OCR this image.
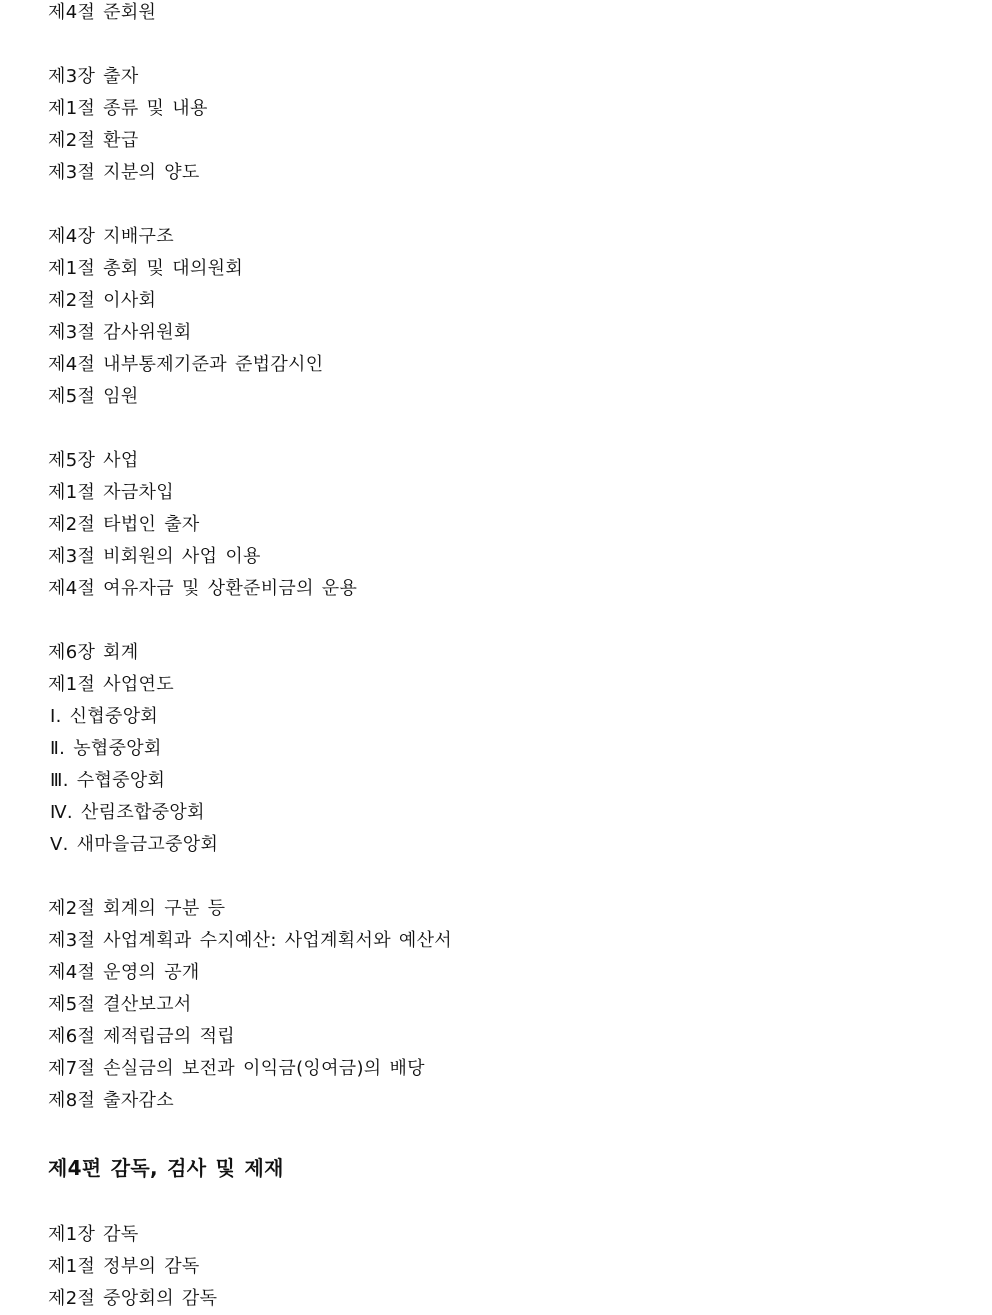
제4절 준회원
제3장 출자
제1절 종류 및 내용
제2절 환급
제3절 지분의 양도
제4장 지배구조
제1절 총회 및 대의원회
제2절 이사회
제3절 감사위원회
제4절 내부통제기준과 준법감시인
제5절 임원
제5장 사업
제1절 자금차입
제2절 타법인 출자
제3절 비회원의 사업 이용
제4절 여유자금 및 상환준비금의 운용
제6장 회계
제1절 사업연도
Ⅰ. 신협중앙회
Ⅱ. 농협중앙회
Ⅲ. 수협중앙회
Ⅳ. 산림조합중앙회
Ⅴ. 새마을금고중앙회
제2절 회계의 구분 등
제3절 사업계획과 수지예산: 사업계획서와 예산서
제4절 운영의 공개
제5절 결산보고서
제6절 제적립금의 적립
제7절 손실금의 보전과 이익금(잉여금)의 배당
제8절 출자감소
제4편 감독, 검사 및 제재
제1장 감독
제1절 정부의 감독
제2절 중앙회의 감독
